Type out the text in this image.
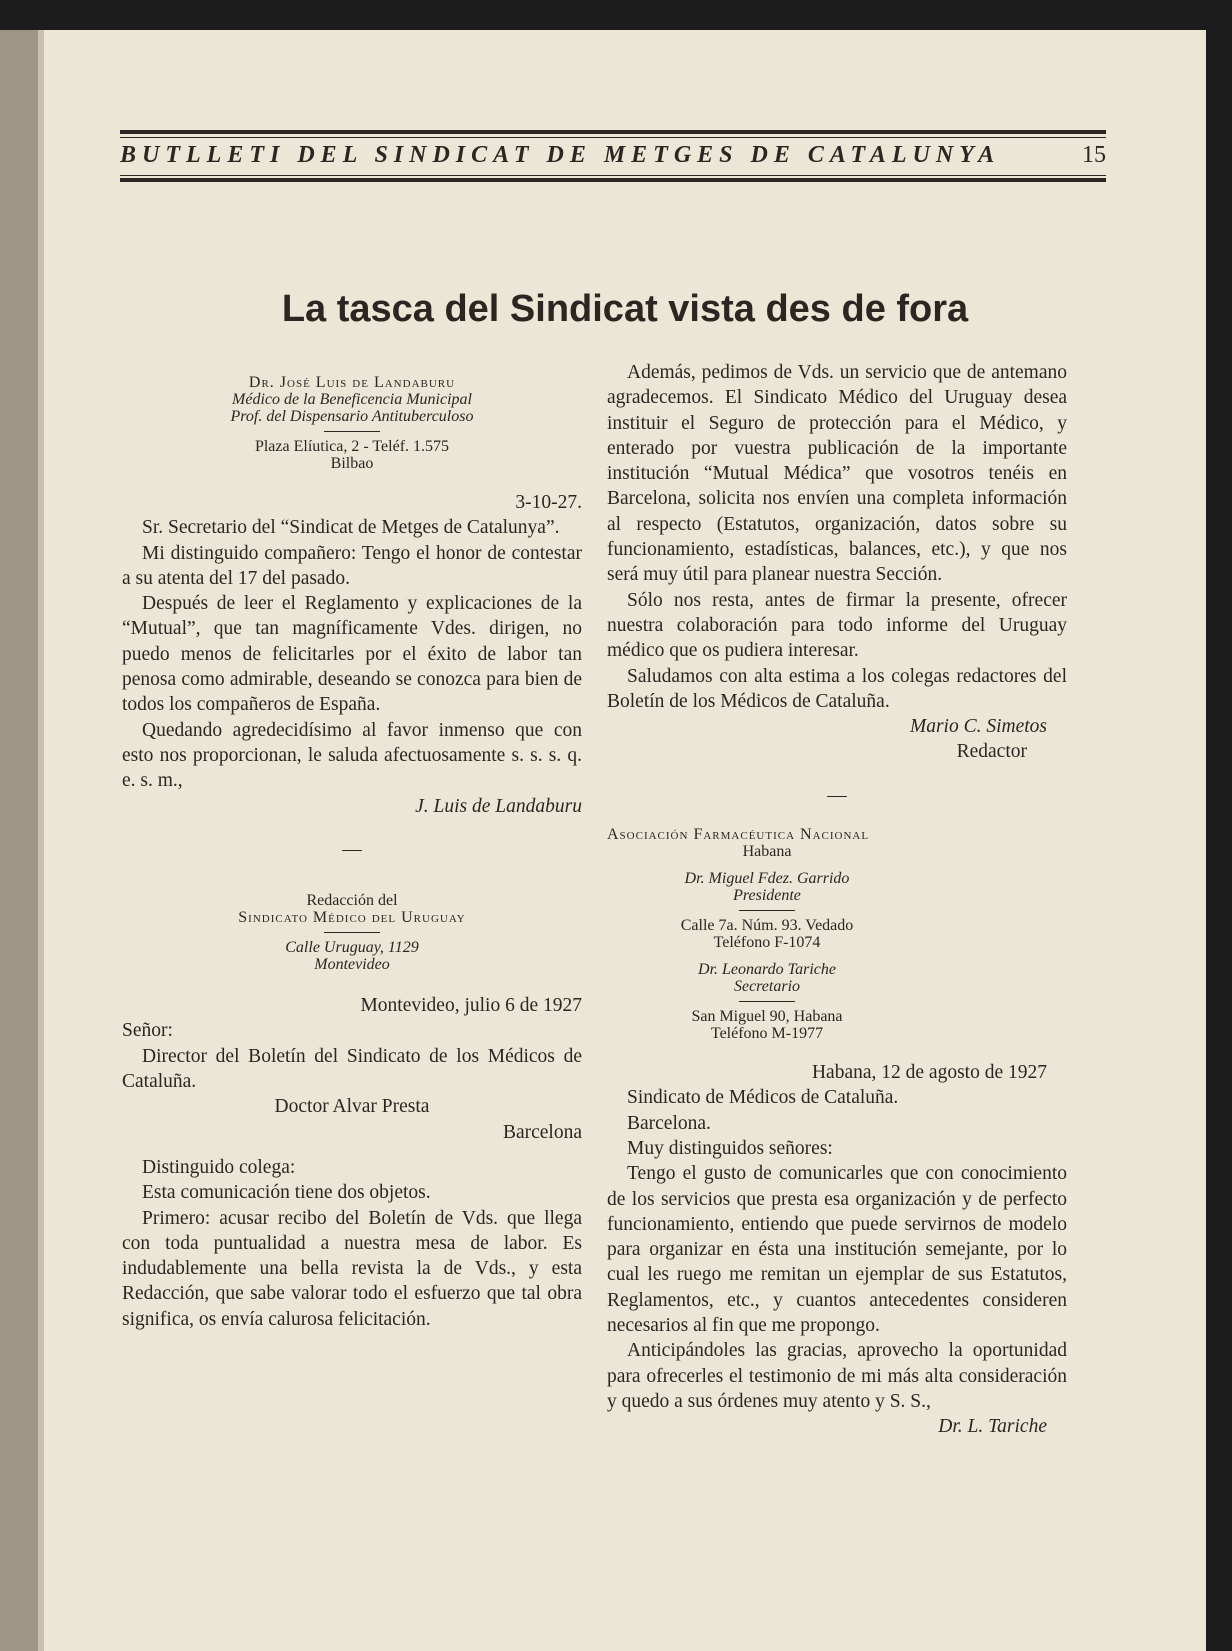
BUTLLETI DEL SINDICAT DE METGES DE CATALUNYA	15
La tasca del Sindicat vista des de fora
Dr. José Luis de Landaburu
Médico de la Beneficencia Municipal
Prof. del Dispensario Antituberculoso
Plaza Elíutica, 2 - Teléf. 1.575
Bilbao

3-10-27.

Sr. Secretario del “Sindicat de Metges de Catalunya”.

Mi distinguido compañero: Tengo el honor de contestar a su atenta del 17 del pasado.

Después de leer el Reglamento y explicaciones de la “Mutual”, que tan magníficamente Vdes. dirigen, no puedo menos de felicitarles por el éxito de labor tan penosa como admirable, deseando se conozca para bien de todos los compañeros de España.

Quedando agredecidísimo al favor inmenso que con esto nos proporcionan, le saluda afectuosamente s. s. s. q. e. s. m.,

J. Luis de Landaburu

—

Redacción del
Sindicato Médico del Uruguay
Calle Uruguay, 1129
Montevideo

Montevideo, julio 6 de 1927

Señor:

Director del Boletín del Sindicato de los Médicos de Cataluña.

Doctor Alvar Presta

Barcelona

Distinguido colega:

Esta comunicación tiene dos objetos.

Primero: acusar recibo del Boletín de Vds. que llega con toda puntualidad a nuestra mesa de labor. Es indudablemente una bella revista la de Vds., y esta Redacción, que sabe valorar todo el esfuerzo que tal obra significa, os envía calurosa felicitación.

Además, pedimos de Vds. un servicio que de antemano agradecemos. El Sindicato Médico del Uruguay desea instituir el Seguro de protección para el Médico, y enterado por vuestra publicación de la importante institución “Mutual Médica” que vosotros tenéis en Barcelona, solicita nos envíen una completa información al respecto (Estatutos, organización, datos sobre su funcionamiento, estadísticas, balances, etc.), y que nos será muy útil para planear nuestra Sección.

Sólo nos resta, antes de firmar la presente, ofrecer nuestra colaboración para todo informe del Uruguay médico que os pudiera interesar.

Saludamos con alta estima a los colegas redactores del Boletín de los Médicos de Cataluña.

Mario C. Simetos

Redactor

—

Asociación Farmacéutica Nacional
Habana
Dr. Miguel Fdez. Garrido
Presidente
Calle 7a. Núm. 93. Vedado
Teléfono F-1074
Dr. Leonardo Tariche
Secretario
San Miguel 90, Habana
Teléfono M-1977

Habana, 12 de agosto de 1927

Sindicato de Médicos de Cataluña.

Barcelona.

Muy distinguidos señores:

Tengo el gusto de comunicarles que con conocimiento de los servicios que presta esa organización y de perfecto funcionamiento, entiendo que puede servirnos de modelo para organizar en ésta una institución semejante, por lo cual les ruego me remitan un ejemplar de sus Estatutos, Reglamentos, etc., y cuantos antecedentes consideren necesarios al fin que me propongo.

Anticipándoles las gracias, aprovecho la oportunidad para ofrecerles el testimonio de mi más alta consideración y quedo a sus órdenes muy atento y S. S.,

Dr. L. Tariche
